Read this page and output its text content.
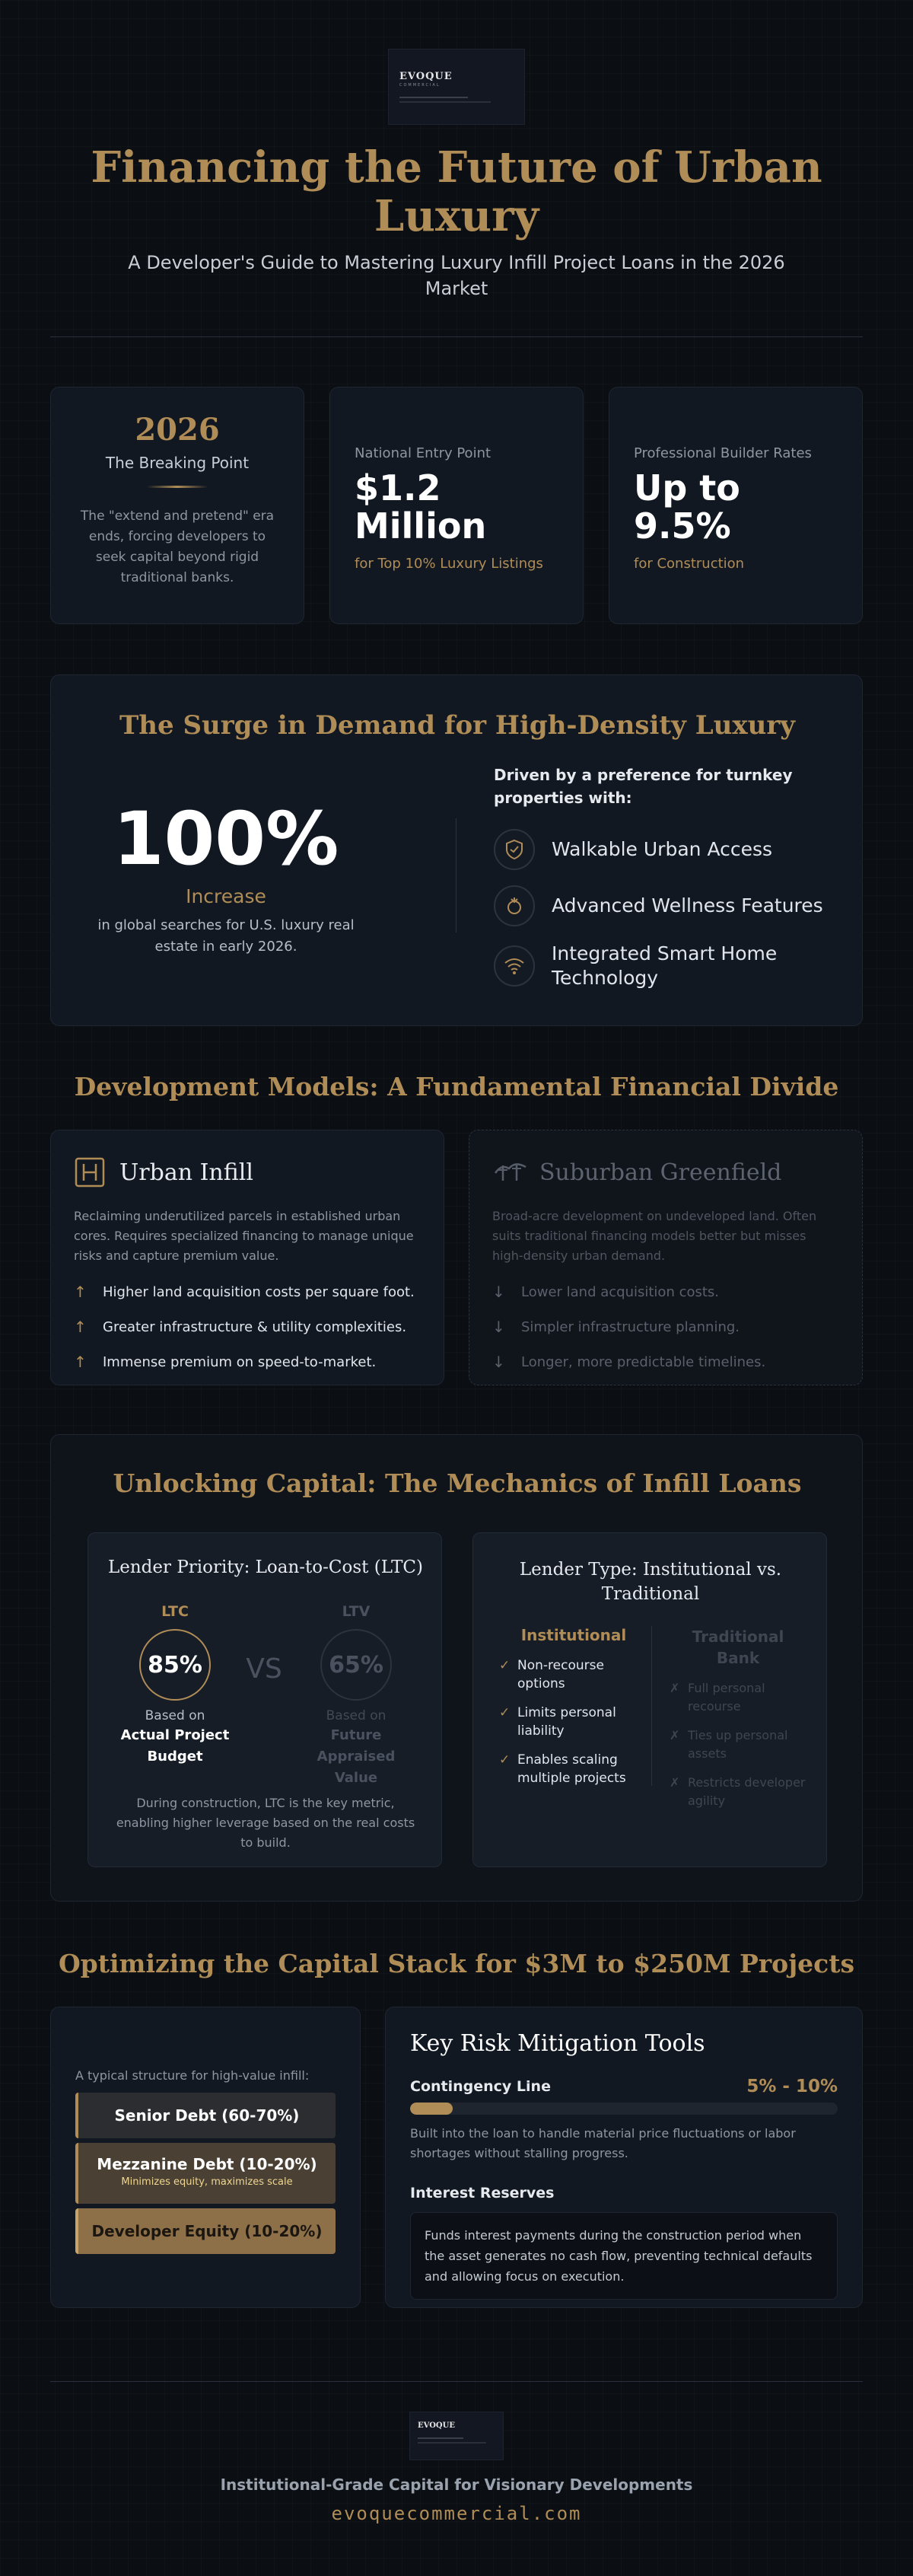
EVOQUE
COMMERCIAL
Financing the Future of Urban Luxury

A Developer's Guide to Mastering Luxury Infill Project Loans in the 2026 Market

2026
The Breaking Point
The "extend and pretend" era ends, forcing developers to seek capital beyond rigid traditional banks.
National Entry Point
$1.2 Million
for Top 10% Luxury Listings
Professional Builder Rates
Up to 9.5%
for Construction
The Surge in Demand for High-Density Luxury
100%
Increase
in global searches for U.S. luxury real estate in early 2026.
Driven by a preference for turnkey properties with:
Walkable Urban Access
Advanced Wellness Features
Integrated Smart Home Technology
Development Models: A Fundamental Financial Divide
Urban Infill
Reclaiming underutilized parcels in established urban cores. Requires specialized financing to manage unique risks and capture premium value.
↑	Higher land acquisition costs per square foot.
↑	Greater infrastructure & utility complexities.
↑	Immense premium on speed-to-market.
Suburban Greenfield
Broad-acre development on undeveloped land. Often suits traditional financing models better but misses high-density urban demand.
↓	Lower land acquisition costs.
↓	Simpler infrastructure planning.
↓	Longer, more predictable timelines.
Unlocking Capital: The Mechanics of Infill Loans
Lender Priority: Loan-to-Cost (LTC)
LTC
85%
Based on
Actual Project Budget
VS
LTV
65%
Based on
Future Appraised Value
During construction, LTC is the key metric, enabling higher leverage based on the real costs to build.
Lender Type: Institutional vs. Traditional
Institutional
✓ Non-recourse options
✓ Limits personal liability
✓ Enables scaling multiple projects
Traditional Bank
✗ Full personal recourse
✗ Ties up personal assets
✗ Restricts developer agility
Optimizing the Capital Stack for $3M to $250M Projects
A typical structure for high-value infill:
Senior Debt (60-70%)
Mezzanine Debt (10-20%)
Minimizes equity, maximizes scale
Developer Equity (10-20%)
Key Risk Mitigation Tools
Contingency Line	5% - 10%
Built into the loan to handle material price fluctuations or labor shortages without stalling progress.
Interest Reserves
Funds interest payments during the construction period when the asset generates no cash flow, preventing technical defaults and allowing focus on execution.
EVOQUE
Institutional-Grade Capital for Visionary Developments
evoquecommercial.com
